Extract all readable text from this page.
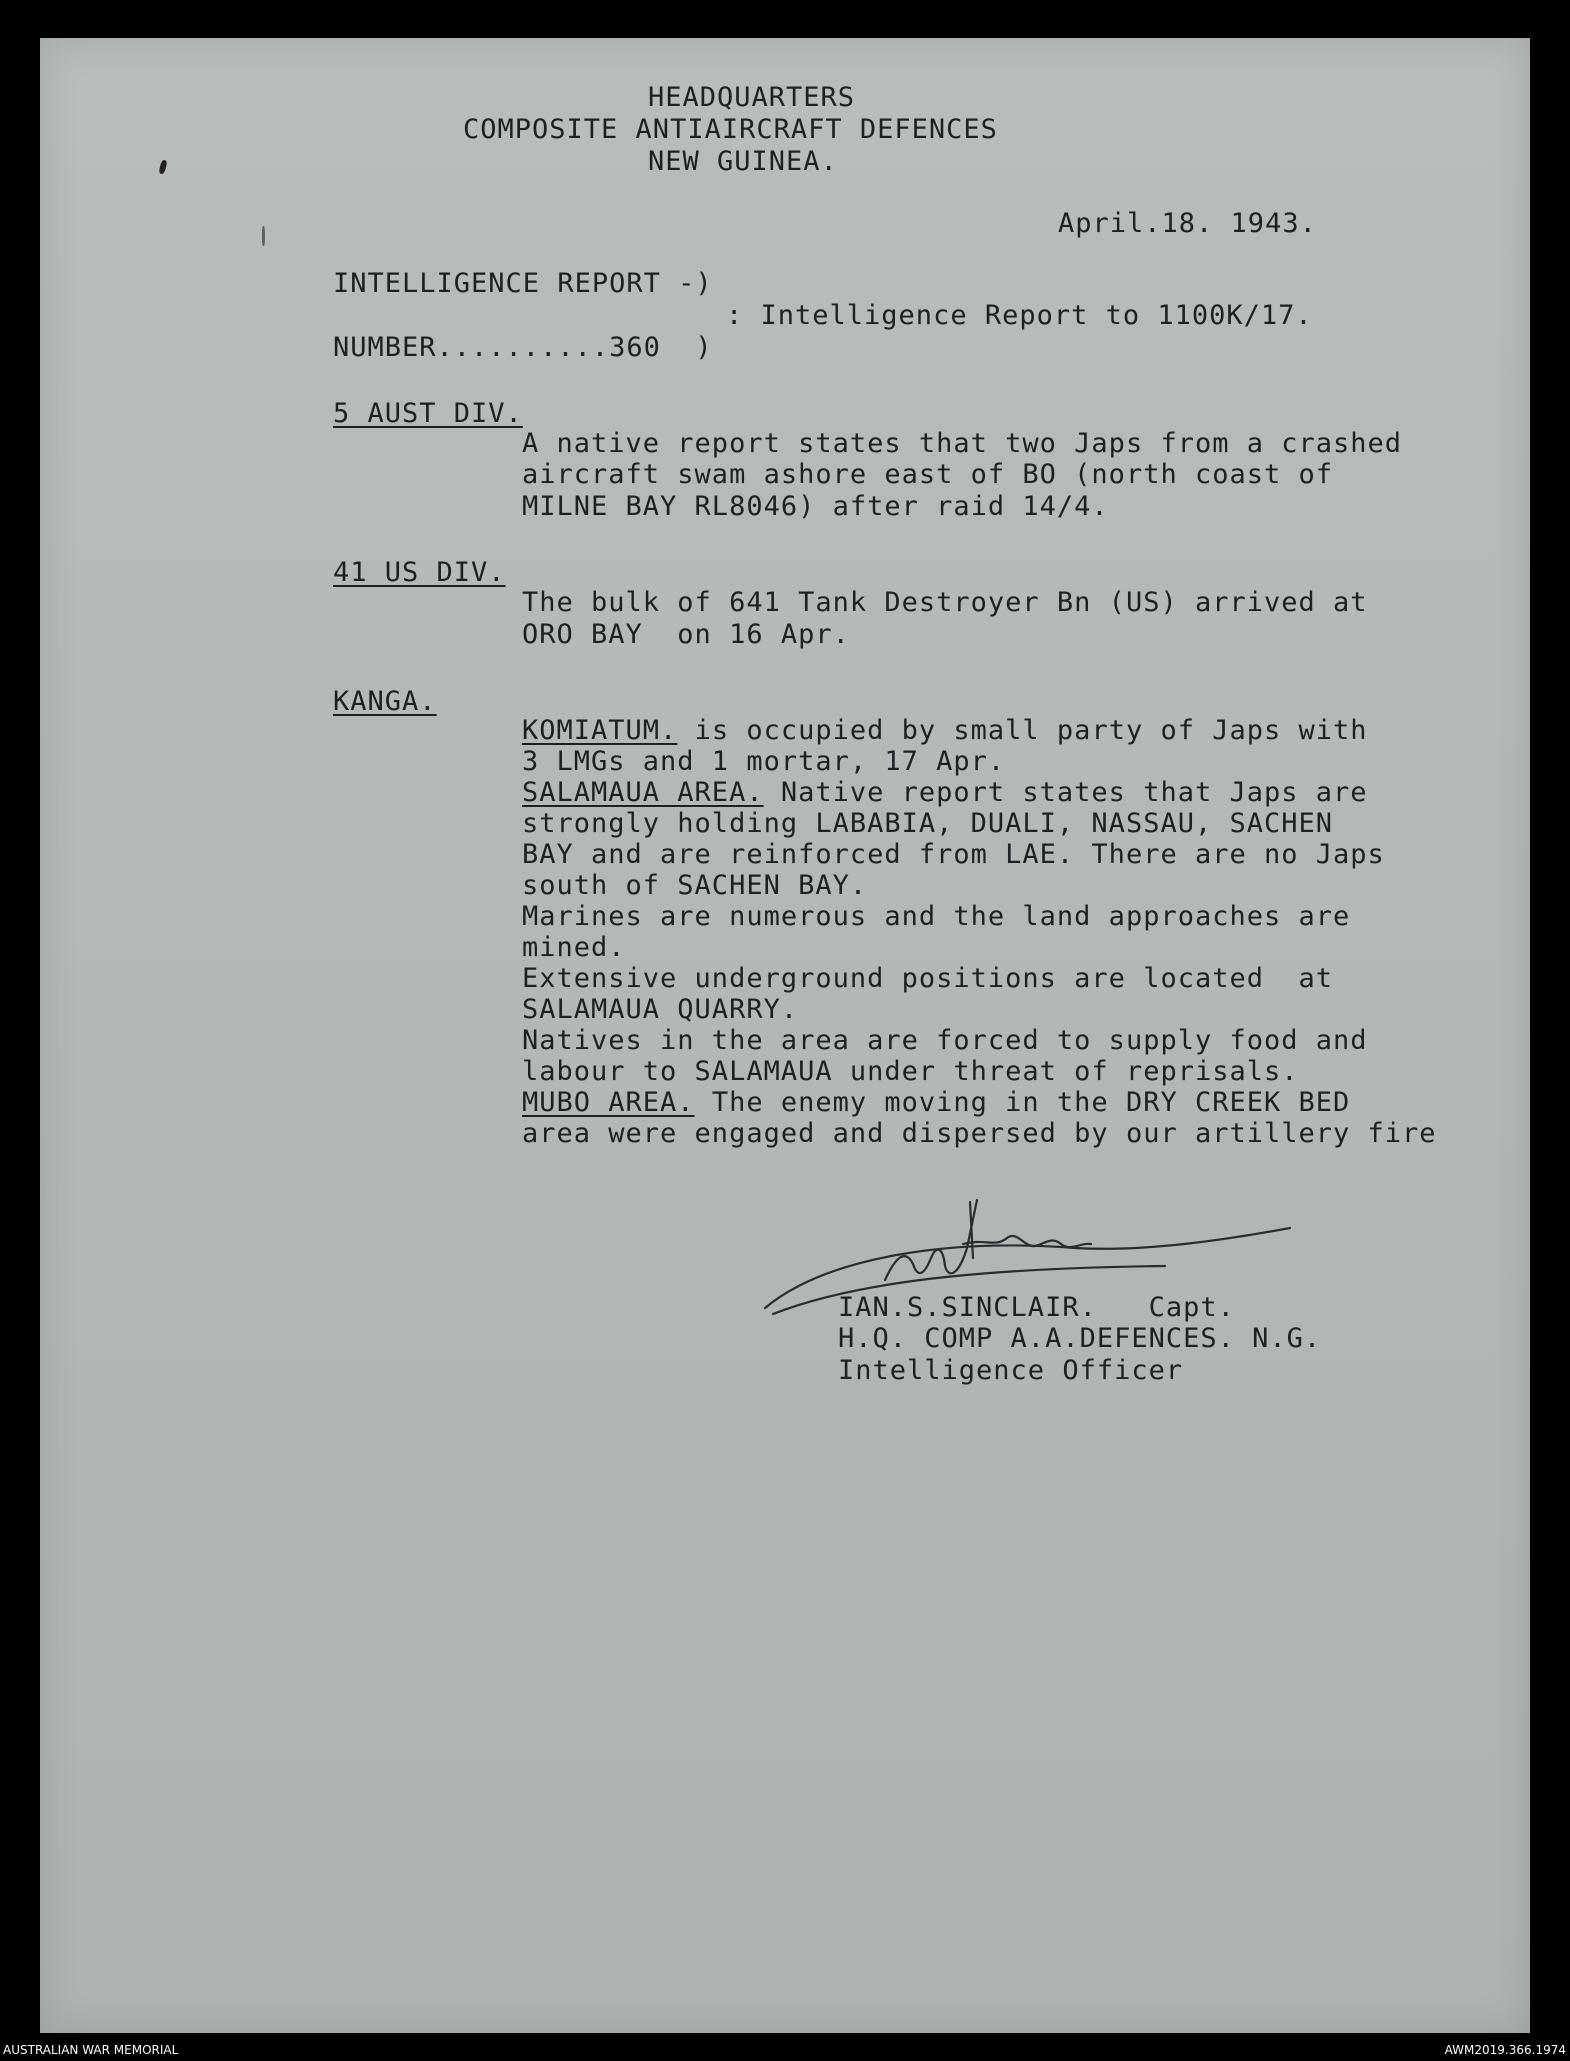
HEADQUARTERS
COMPOSITE ANTIAIRCRAFT DEFENCES
NEW GUINEA.
April.18. 1943.
INTELLIGENCE REPORT -)
: Intelligence Report to 1100K/17.
NUMBER..........360  )
5 AUST DIV.
A native report states that two Japs from a crashed
aircraft swam ashore east of BO (north coast of
MILNE BAY RL8046) after raid 14/4.
41 US DIV.
The bulk of 641 Tank Destroyer Bn (US) arrived at
ORO BAY  on 16 Apr.
KANGA.
KOMIATUM. is occupied by small party of Japs with
3 LMGs and 1 mortar, 17 Apr.
SALAMAUA AREA. Native report states that Japs are
strongly holding LABABIA, DUALI, NASSAU, SACHEN
BAY and are reinforced from LAE. There are no Japs
south of SACHEN BAY.
Marines are numerous and the land approaches are
mined.
Extensive underground positions are located  at
SALAMAUA QUARRY.
Natives in the area are forced to supply food and
labour to SALAMAUA under threat of reprisals.
MUBO AREA. The enemy moving in the DRY CREEK BED
area were engaged and dispersed by our artillery fire
IAN.S.SINCLAIR.   Capt.
H.Q. COMP A.A.DEFENCES. N.G.
Intelligence Officer
AUSTRALIAN WAR MEMORIAL	AWM2019.366.1974
